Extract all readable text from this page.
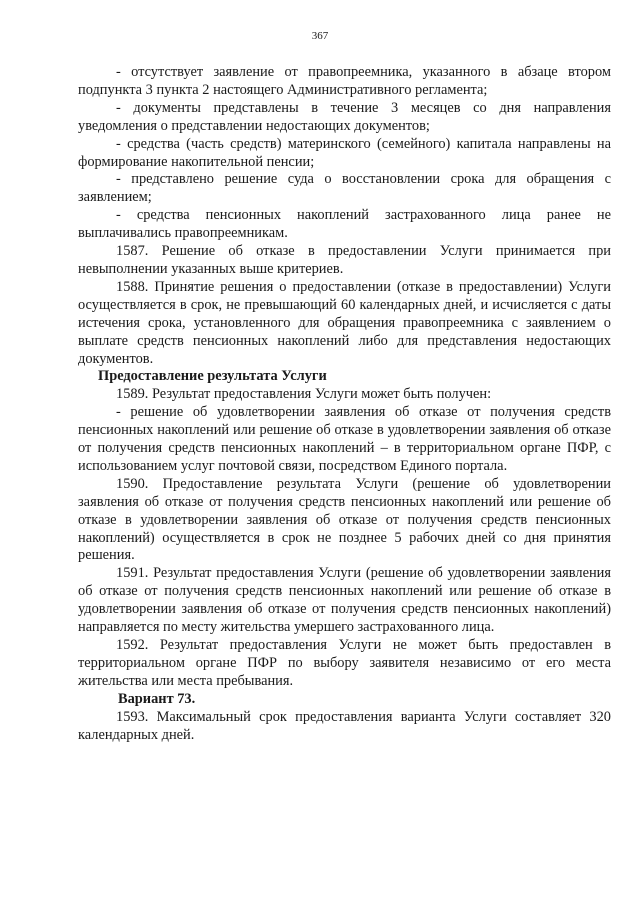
367

- отсутствует заявление от правопреемника, указанного в абзаце втором подпункта 3 пункта 2 настоящего Административного регламента;

- документы представлены в течение 3 месяцев со дня направления уведомления о представлении недостающих документов;

- средства (часть средств) материнского (семейного) капитала направлены на формирование накопительной пенсии;

- представлено решение суда о восстановлении срока для обращения с заявлением;

- средства пенсионных накоплений застрахованного лица ранее не выплачивались правопреемникам.

1587. Решение об отказе в предоставлении Услуги принимается при невыполнении указанных выше критериев.

1588. Принятие решения о предоставлении (отказе в предоставлении) Услуги осуществляется в срок, не превышающий 60 календарных дней, и исчисляется с даты истечения срока, установленного для обращения правопреемника с заявлением о выплате средств пенсионных накоплений либо для представления недостающих документов.

Предоставление результата Услуги

1589. Результат предоставления Услуги может быть получен:

- решение об удовлетворении заявления об отказе от получения средств пенсионных накоплений или решение об отказе в удовлетворении заявления об отказе от получения средств пенсионных накоплений – в территориальном органе ПФР, с использованием услуг почтовой связи, посредством Единого портала.

1590. Предоставление результата Услуги (решение об удовлетворении заявления об отказе от получения средств пенсионных накоплений или решение об отказе в удовлетворении заявления об отказе от получения средств пенсионных накоплений) осуществляется в срок не позднее 5 рабочих дней со дня принятия решения.

1591. Результат предоставления Услуги (решение об удовлетворении заявления об отказе от получения средств пенсионных накоплений или решение об отказе в удовлетворении заявления об отказе от получения средств пенсионных накоплений) направляется по месту жительства умершего застрахованного лица.

1592. Результат предоставления Услуги не может быть предоставлен в территориальном органе ПФР по выбору заявителя независимо от его места жительства или места пребывания.

Вариант 73.

1593. Максимальный срок предоставления варианта Услуги составляет 320 календарных дней.
